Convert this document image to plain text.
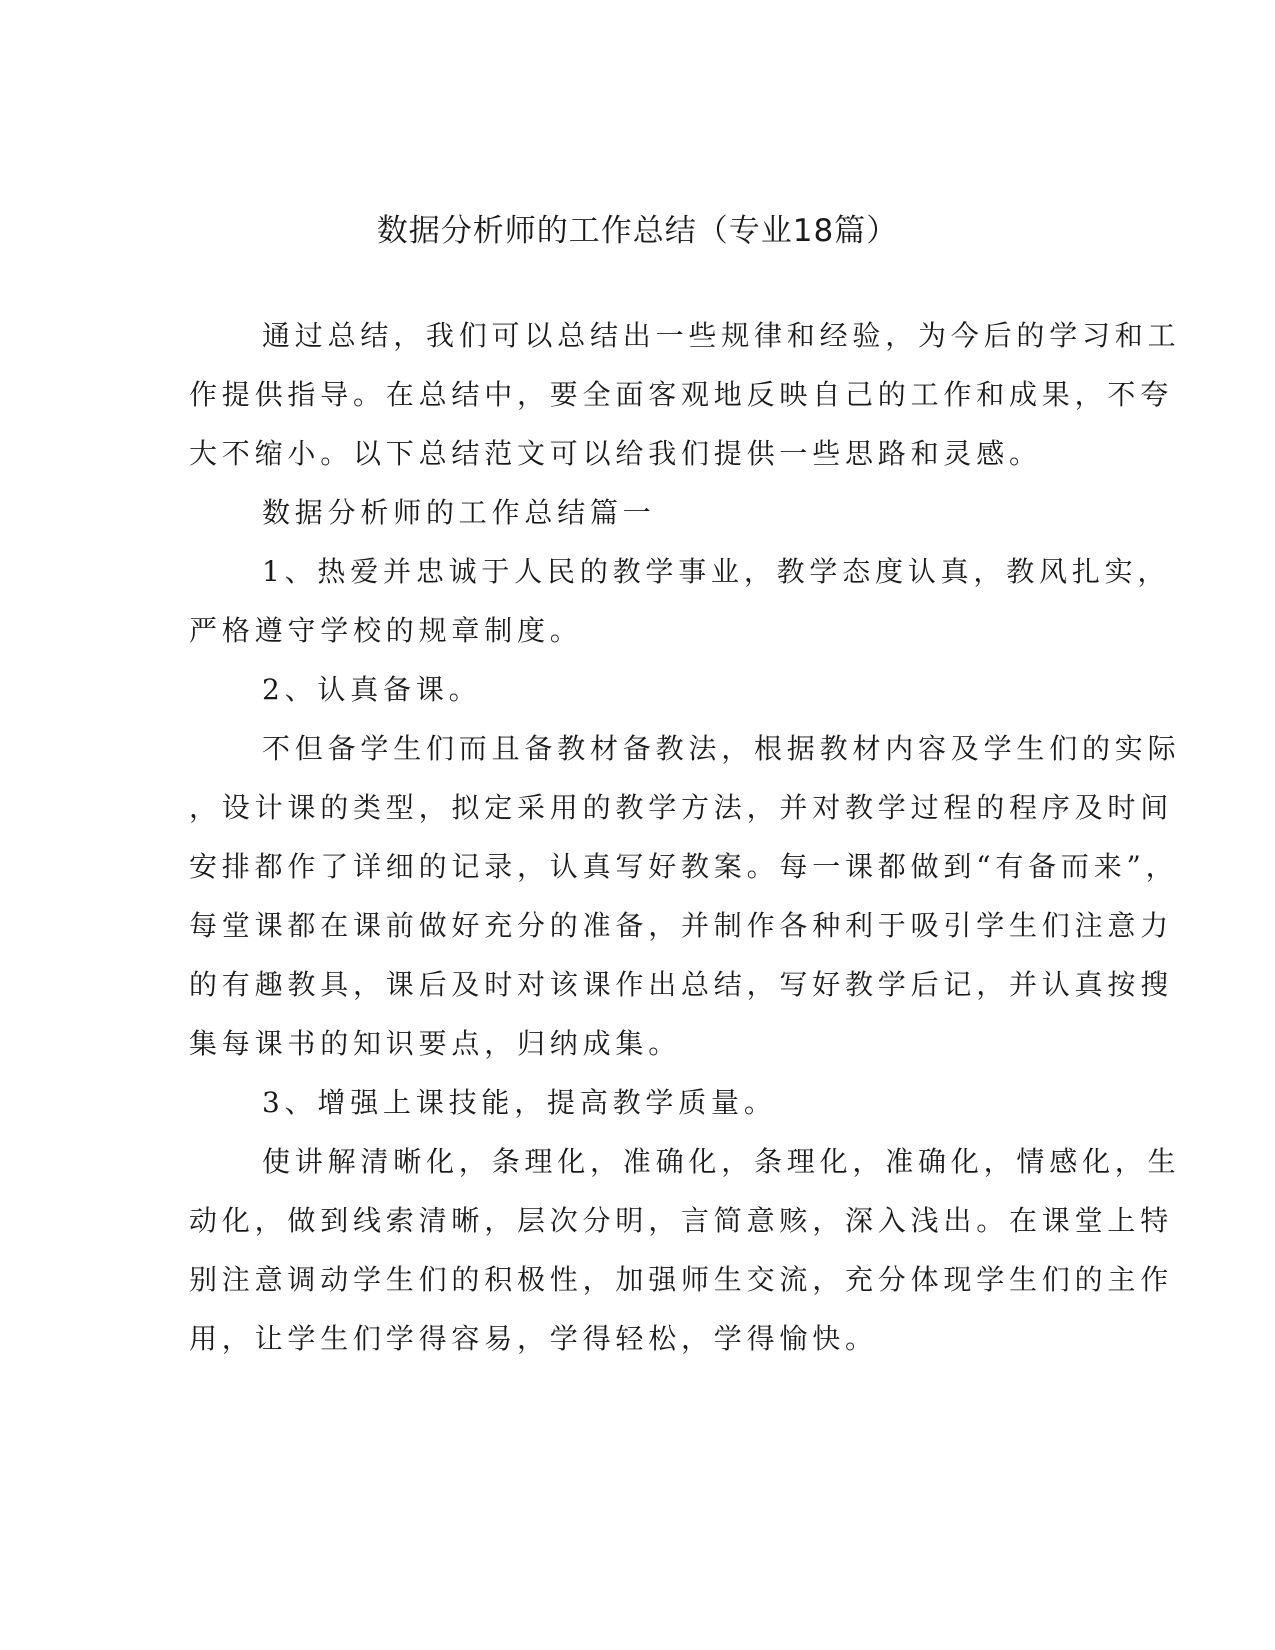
数据分析师的工作总结（专业18篇）

通过总结，我们可以总结出一些规律和经验，为今后的学习和工

作提供指导。在总结中，要全面客观地反映自己的工作和成果，不夸

大不缩小。以下总结范文可以给我们提供一些思路和灵感。

数据分析师的工作总结篇一

1、热爱并忠诚于人民的教学事业，教学态度认真，教风扎实，

严格遵守学校的规章制度。

2、认真备课。

不但备学生们而且备教材备教法，根据教材内容及学生们的实际

，设计课的类型，拟定采用的教学方法，并对教学过程的程序及时间

安排都作了详细的记录，认真写好教案。每一课都做到“有备而来”，

每堂课都在课前做好充分的准备，并制作各种利于吸引学生们注意力

的有趣教具，课后及时对该课作出总结，写好教学后记，并认真按搜

集每课书的知识要点，归纳成集。

3、增强上课技能，提高教学质量。

使讲解清晰化，条理化，准确化，条理化，准确化，情感化，生

动化，做到线索清晰，层次分明，言简意赅，深入浅出。在课堂上特

别注意调动学生们的积极性，加强师生交流，充分体现学生们的主作

用，让学生们学得容易，学得轻松，学得愉快。
